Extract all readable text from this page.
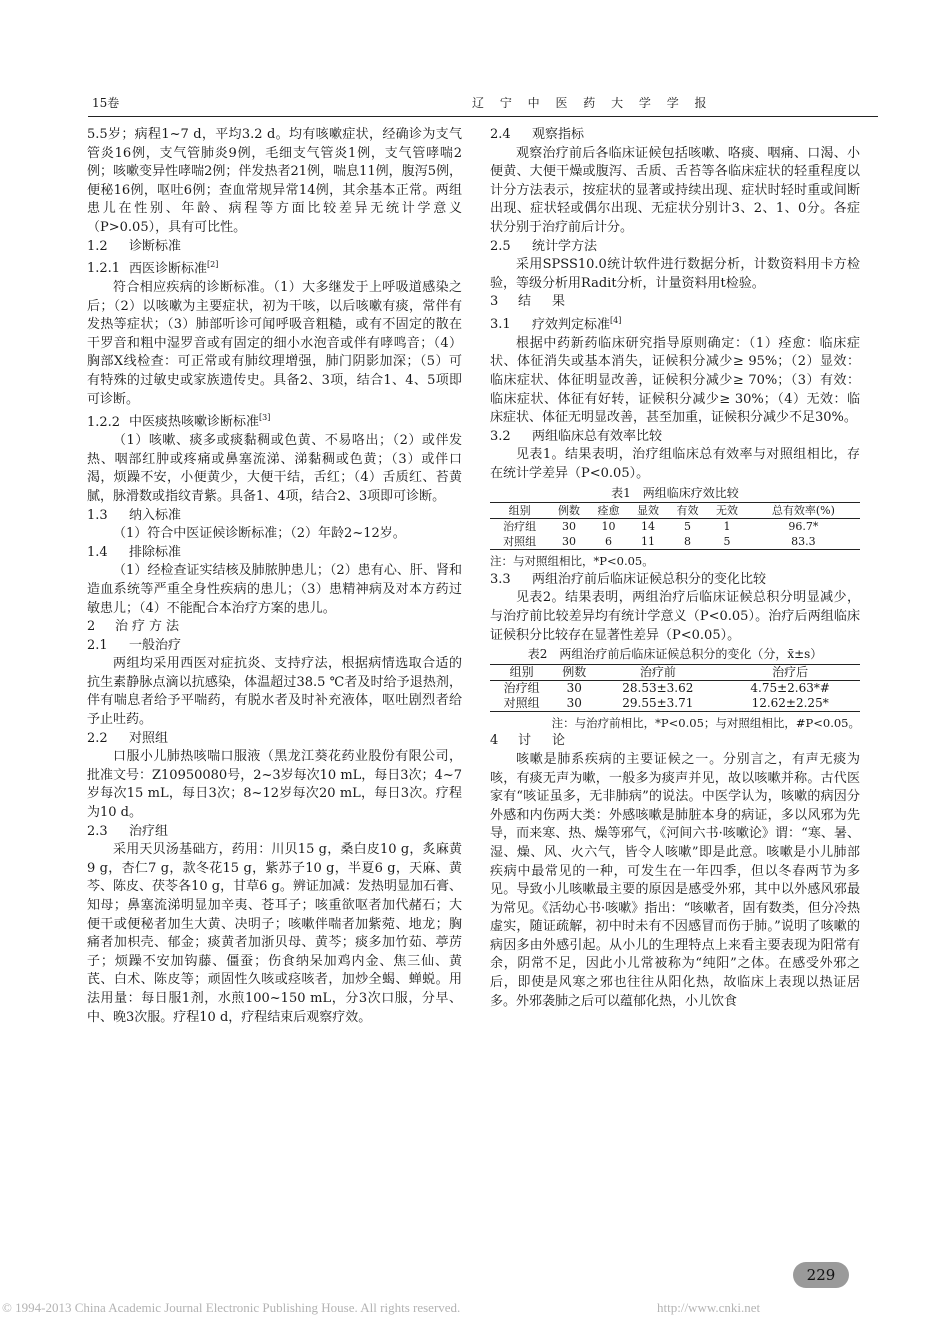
15卷	辽 宁 中 医 药 大 学 学 报

5.5岁；病程1~7 d，平均3.2 d。均有咳嗽症状，经确诊为支气管炎16例，支气管肺炎9例，毛细支气管炎1例，支气管哮喘2例；咳嗽变异性哮喘2例；伴发热者21例，喘息11例，腹泻5例，便秘16例，呕吐6例；查血常规异常14例，其余基本正常。两组患儿在性别、年龄、病程等方面比较差异无统计学意义（P>0.05），具有可比性。

1.2 诊断标准

1.2.1 西医诊断标准[2]

符合相应疾病的诊断标准。（1）大多继发于上呼吸道感染之后；（2）以咳嗽为主要症状，初为干咳，以后咳嗽有痰，常伴有发热等症状；（3）肺部听诊可闻呼吸音粗糙，或有不固定的散在干罗音和粗中湿罗音或有固定的细小水泡音或伴有哮鸣音；（4）胸部X线检查：可正常或有肺纹理增强，肺门阴影加深；（5）可有特殊的过敏史或家族遗传史。具备2、3项，结合1、4、5项即可诊断。

1.2.2 中医痰热咳嗽诊断标准[3]

（1）咳嗽、痰多或痰黏稠或色黄、不易咯出；（2）或伴发热、咽部红肿或疼痛或鼻塞流涕、涕黏稠或色黄；（3）或伴口渴，烦躁不安，小便黄少，大便干结，舌红；（4）舌质红、苔黄腻，脉滑数或指纹青紫。具备1、4项，结合2、3项即可诊断。

1.3 纳入标准

（1）符合中医证候诊断标准；（2）年龄2~12岁。

1.4 排除标准

（1）经检查证实结核及肺脓肿患儿；（2）患有心、肝、肾和造血系统等严重全身性疾病的患儿；（3）患精神病及对本方药过敏患儿；（4）不能配合本治疗方案的患儿。

2 治疗方法

2.1 一般治疗

两组均采用西医对症抗炎、支持疗法，根据病情选取合适的抗生素静脉点滴以抗感染，体温超过38.5 ℃者及时给予退热剂，伴有喘息者给予平喘药，有脱水者及时补充液体，呕吐剧烈者给予止吐药。

2.2 对照组

口服小儿肺热咳喘口服液（黑龙江葵花药业股份有限公司，批准文号：Z10950080号，2~3岁每次10 mL，每日3次；4~7岁每次15 mL，每日3次；8~12岁每次20 mL，每日3次。疗程为10 d。

2.3 治疗组

采用天贝汤基础方，药用：川贝15 g，桑白皮10 g，炙麻黄9 g，杏仁7 g，款冬花15 g，紫苏子10 g，半夏6 g，天麻、黄芩、陈皮、茯苓各10 g，甘草6 g。辨证加减：发热明显加石膏、知母；鼻塞流涕明显加辛夷、苍耳子；咳重欲呕者加代赭石；大便干或便秘者加生大黄、决明子；咳嗽伴喘者加紫菀、地龙；胸痛者加枳壳、郁金；痰黄者加浙贝母、黄芩；痰多加竹茹、葶苈子；烦躁不安加钩藤、僵蚕；伤食纳呆加鸡内金、焦三仙、黄芪、白术、陈皮等；顽固性久咳或痉咳者，加炒全蝎、蝉蜕。用法用量：每日服1剂，水煎100~150 mL，分3次口服，分早、中、晚3次服。疗程10 d，疗程结束后观察疗效。

2.4 观察指标

观察治疗前后各临床证候包括咳嗽、咯痰、咽痛、口渴、小便黄、大便干燥或腹泻、舌质、舌苔等各临床症状的轻重程度以计分方法表示，按症状的显著或持续出现、症状时轻时重或间断出现、症状轻或偶尔出现、无症状分别计3、2、1、0分。各症状分别于治疗前后计分。

2.5 统计学方法

采用SPSS10.0统计软件进行数据分析，计数资料用卡方检验，等级分析用Radit分析，计量资料用t检验。

3 结　果

3.1 疗效判定标准[4]

根据中药新药临床研究指导原则确定：（1）痊愈：临床症状、体征消失或基本消失，证候积分减少≥ 95%；（2）显效：临床症状、体征明显改善，证候积分减少≥ 70%；（3）有效：临床症状、体征有好转，证候积分减少≥ 30%；（4）无效：临床症状、体征无明显改善，甚至加重，证候积分减少不足30%。

3.2 两组临床总有效率比较

见表1。结果表明，治疗组临床总有效率与对照组相比，存在统计学差异（P<0.05）。

表1　两组临床疗效比较

组别	例数	痊愈	显效	有效	无效	总有效率(%)
治疗组	30	10	14	5	1	96.7*
对照组	30	6	11	8	5	83.3

注：与对照组相比，*P<0.05。

3.3 两组治疗前后临床证候总积分的变化比较

见表2。结果表明，两组治疗后临床证候总积分明显减少，与治疗前比较差异均有统计学意义（P<0.05）。治疗后两组临床证候积分比较存在显著性差异（P<0.05）。

表2　两组治疗前后临床证候总积分的变化（分，x̄±s）

组别	例数	治疗前	治疗后
治疗组	30	28.53±3.62	4.75±2.63*#
对照组	30	29.55±3.71	12.62±2.25*

注：与治疗前相比，*P<0.05；与对照组相比，#P<0.05。

4 讨　论

咳嗽是肺系疾病的主要证候之一。分别言之，有声无痰为咳，有痰无声为嗽，一般多为痰声并见，故以咳嗽并称。古代医家有“咳证虽多，无非肺病”的说法。中医学认为，咳嗽的病因分外感和内伤两大类：外感咳嗽是肺脏本身的病证，多以风邪为先导，而来寒、热、燥等邪气，《河间六书·咳嗽论》谓：“寒、暑、湿、燥、风、火六气，皆令人咳嗽”即是此意。咳嗽是小儿肺部疾病中最常见的一种，可发生在一年四季，但以冬春两节为多见。导致小儿咳嗽最主要的原因是感受外邪，其中以外感风邪最为常见。《活幼心书·咳嗽》指出：“咳嗽者，固有数类，但分冷热虚实，随证疏解，初中时未有不因感冒而伤于肺。”说明了咳嗽的病因多由外感引起。从小儿的生理特点上来看主要表现为阳常有余，阴常不足，因此小儿常被称为“纯阳”之体。在感受外邪之后，即使是风寒之邪也往往从阳化热，故临床上表现以热证居多。外邪袭肺之后可以蕴郁化热，小儿饮食

229
© 1994-2013 China Academic Journal Electronic Publishing House. All rights reserved.	http://www.cnki.net
